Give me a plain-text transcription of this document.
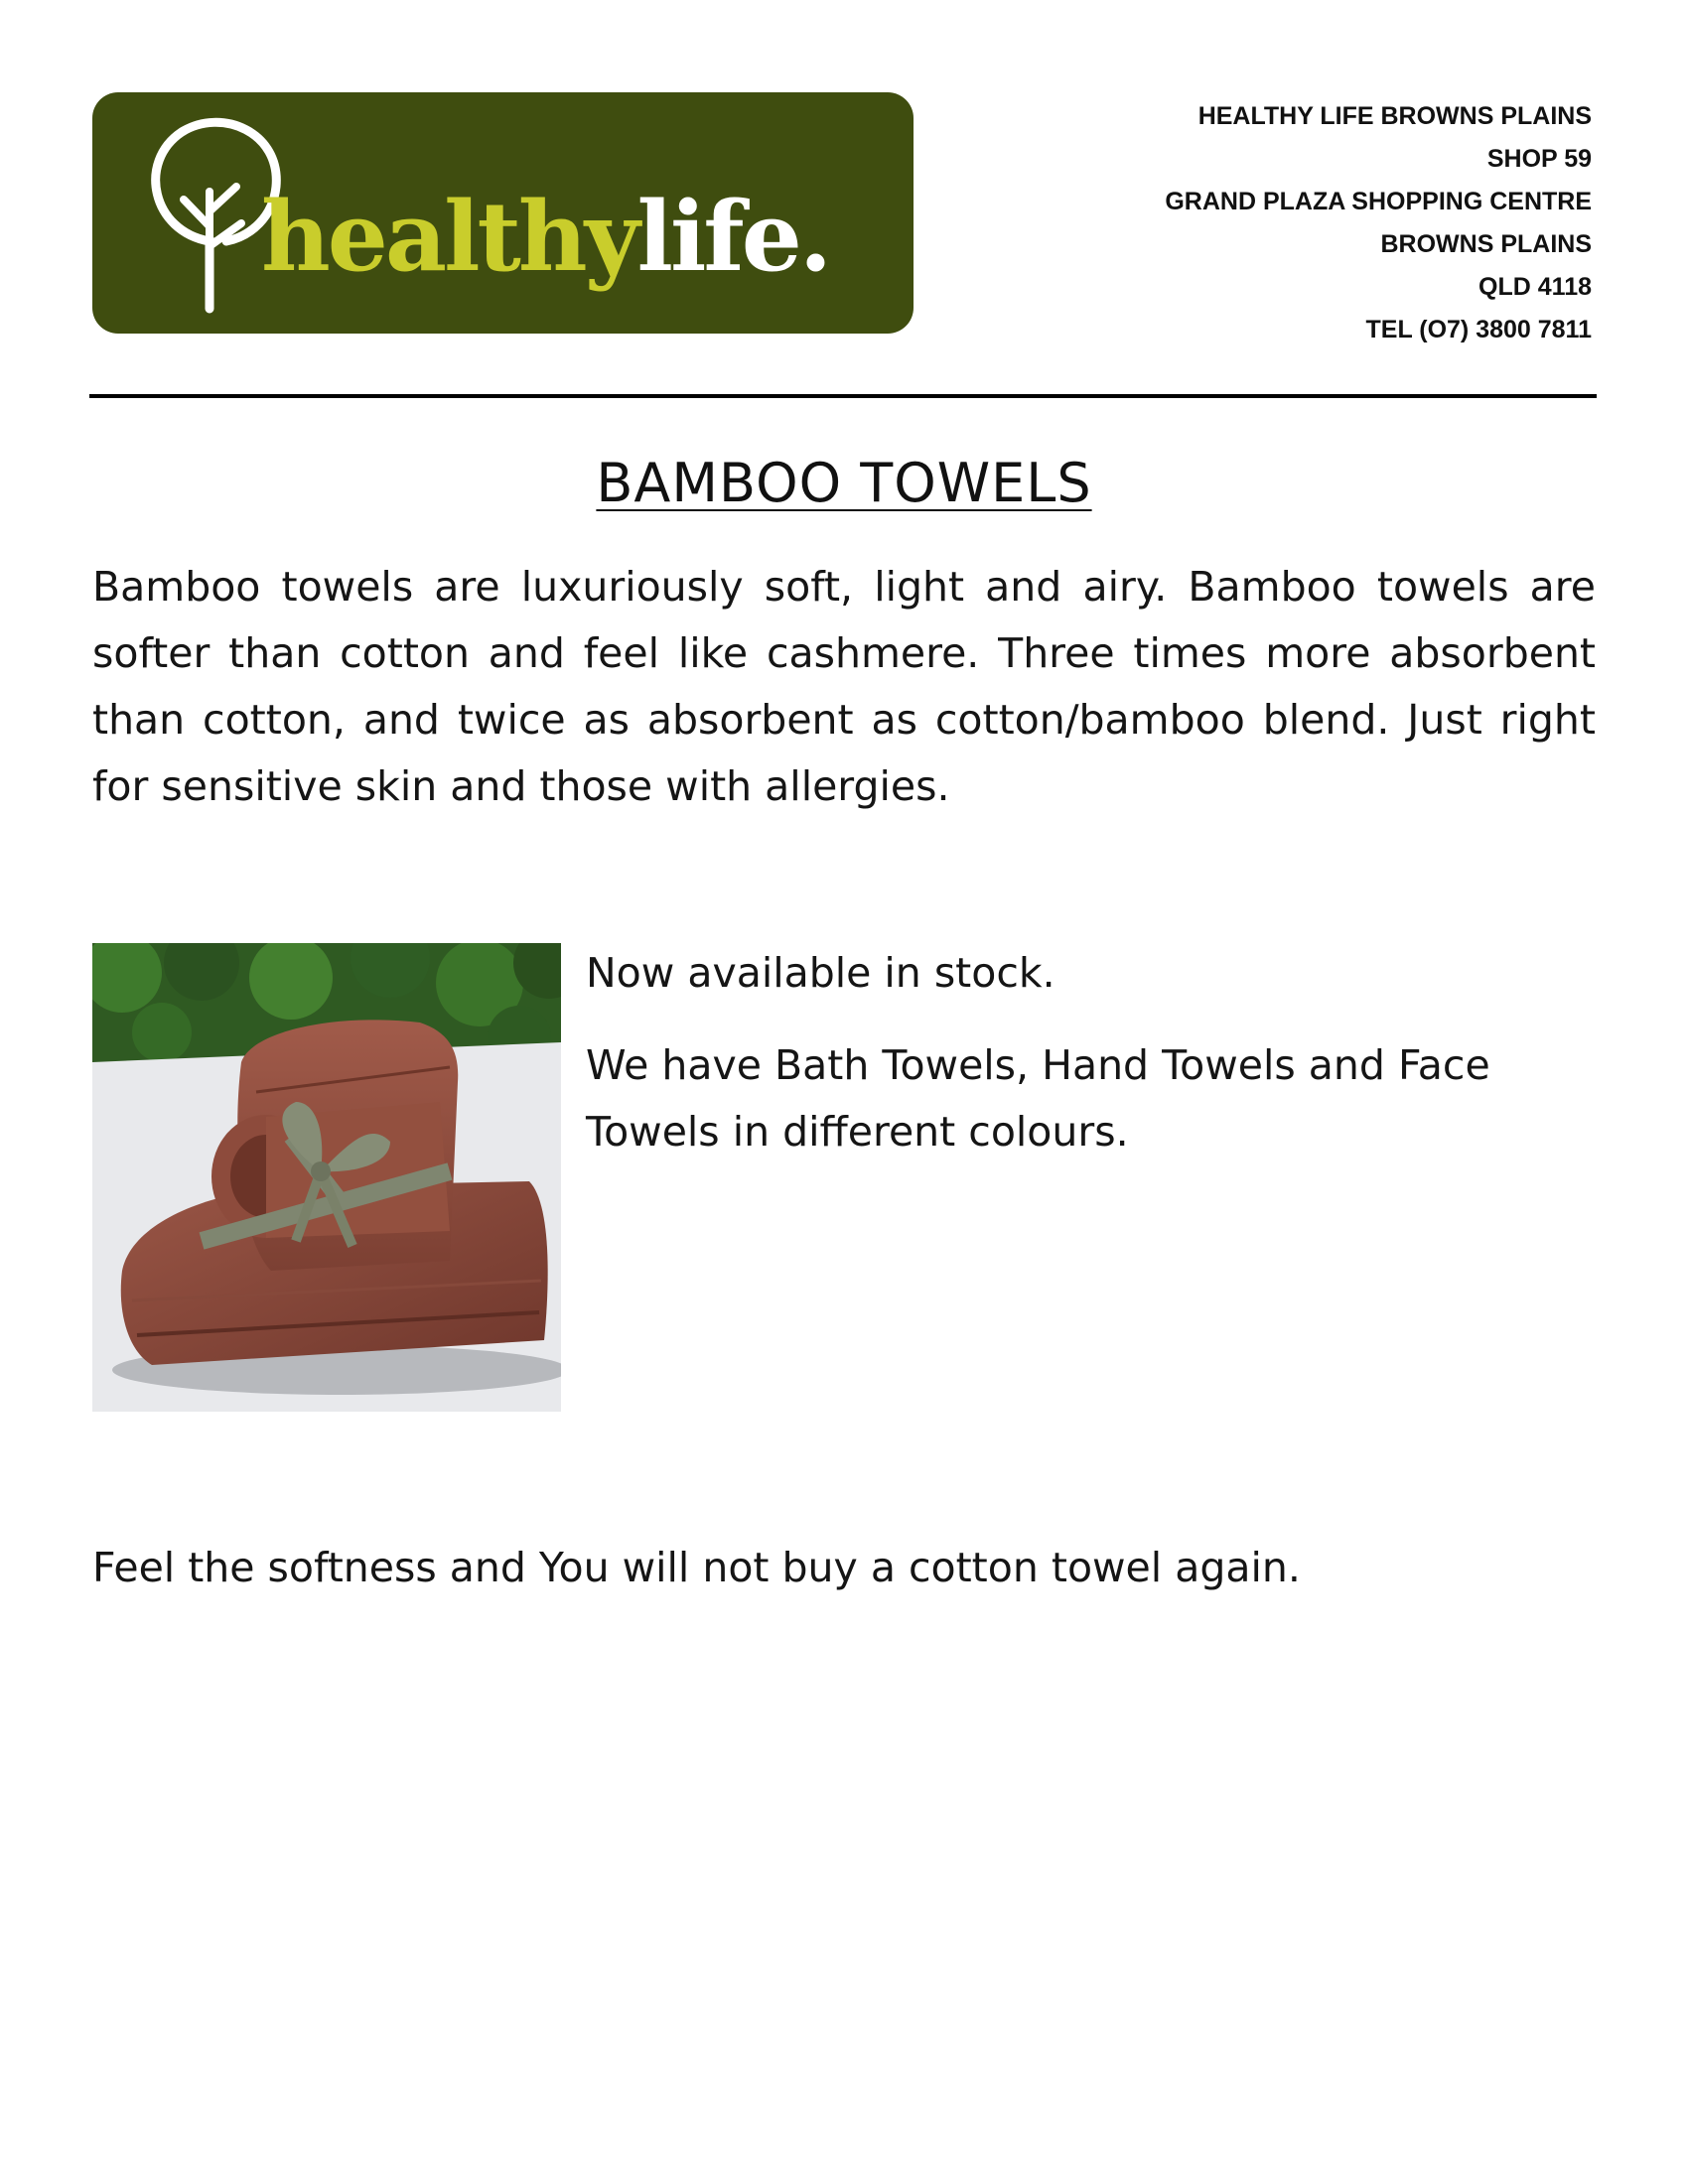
healthylife.
HEALTHY LIFE BROWNS PLAINS
SHOP 59
GRAND PLAZA SHOPPING CENTRE
BROWNS PLAINS
QLD 4118
TEL (O7) 3800 7811
BAMBOO TOWELS
Bamboo towels are luxuriously soft, light and airy. Bamboo towels are softer than cotton and feel like cashmere. Three times more absorbent than cotton, and twice as absorbent as cotton/bamboo blend. Just right for sensitive skin and those with allergies.

Now available in stock.

We have Bath Towels, Hand Towels and Face Towels in different colours.

Feel the softness and You will not buy a cotton towel again.
